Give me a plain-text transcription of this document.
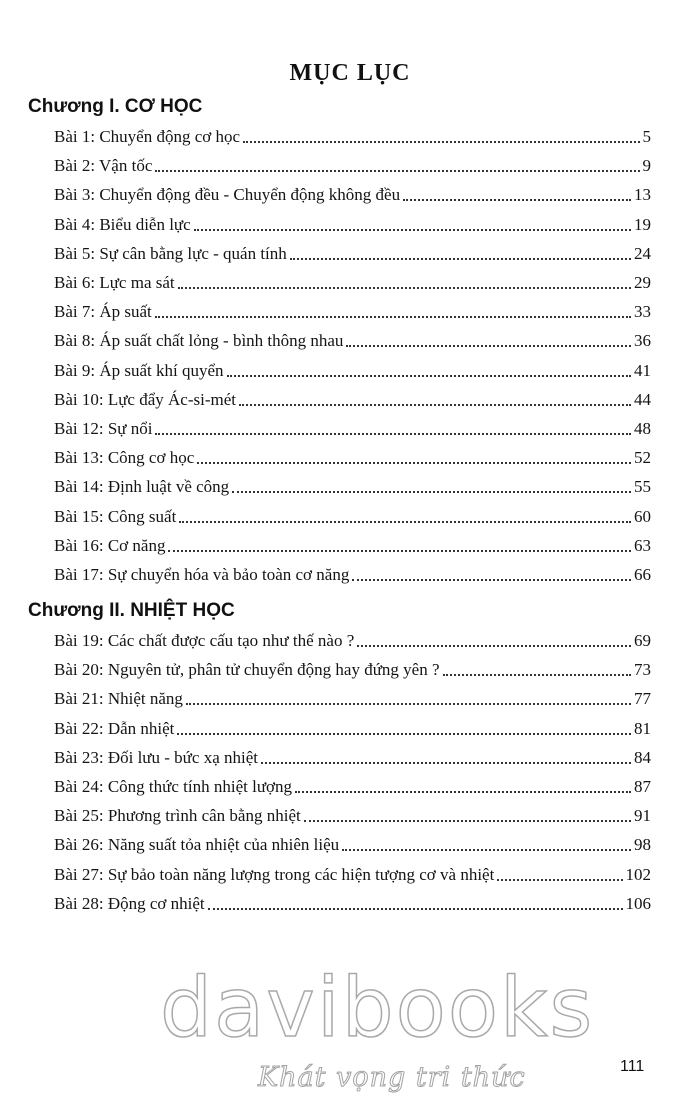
MỤC LỤC
Chương I. CƠ HỌC
Chương II. NHIỆT HỌC
Bài 1: Chuyển động cơ học	5
Bài 2: Vận tốc	9
Bài 3: Chuyển động đều - Chuyển động không đều	13
Bài 4: Biểu diễn lực	19
Bài 5: Sự cân bằng lực - quán tính	24
Bài 6: Lực ma sát	29
Bài 7: Áp suất	33
Bài 8: Áp suất chất lỏng - bình thông nhau	36
Bài 9: Áp suất khí quyển	41
Bài 10: Lực đẩy Ác-si-mét	44
Bài 12: Sự nổi	48
Bài 13: Công cơ học	52
Bài 14: Định luật về công	55
Bài 15: Công suất	60
Bài 16: Cơ năng	63
Bài 17: Sự chuyển hóa và bảo toàn cơ năng	66
Bài 19: Các chất được cấu tạo như thế nào ?	69
Bài 20: Nguyên tử, phân tử chuyển động hay đứng yên ?	73
Bài 21: Nhiệt năng	77
Bài 22: Dẫn nhiệt	81
Bài 23: Đối lưu - bức xạ nhiệt	84
Bài 24: Công thức tính nhiệt lượng	87
Bài 25: Phương trình cân bằng nhiệt	91
Bài 26: Năng suất tỏa nhiệt của nhiên liệu	98
Bài 27: Sự bảo toàn năng lượng trong các hiện tượng cơ và nhiệt	102
Bài 28: Động cơ nhiệt	106
davibooks
Khát vọng tri thức	111
